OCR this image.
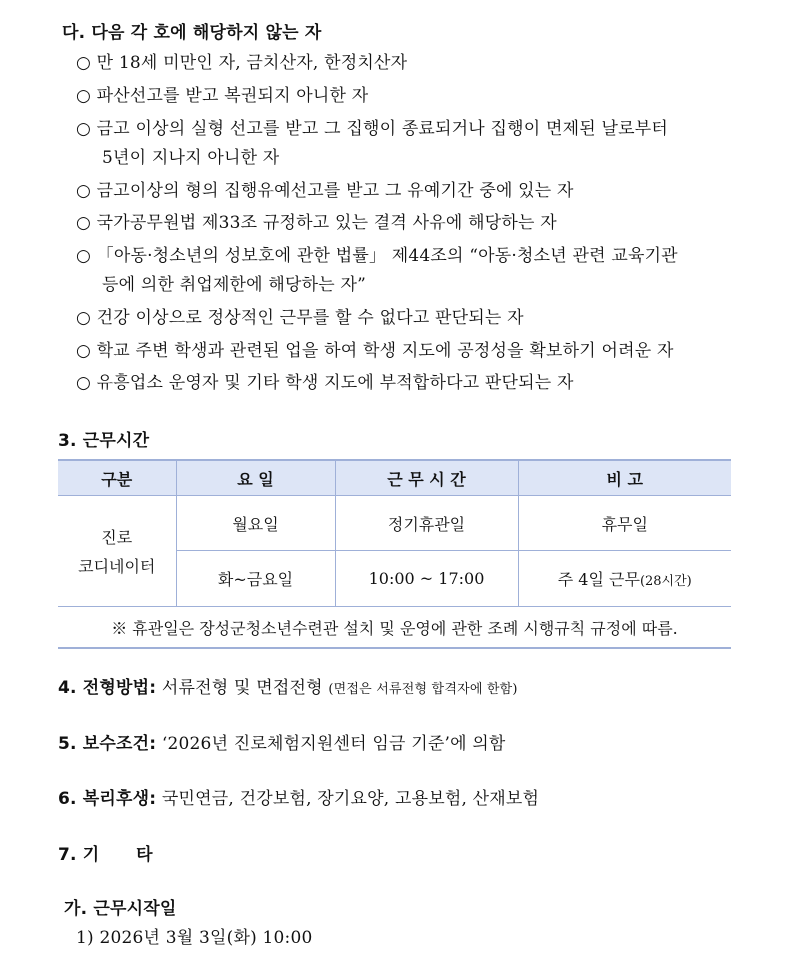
다. 다음 각 호에 해당하지 않는 자
○ 만 18세 미만인 자, 금치산자, 한정치산자
○ 파산선고를 받고 복권되지 아니한 자
○ 금고 이상의 실형 선고를 받고 그 집행이 종료되거나 집행이 면제된 날로부터
5년이 지나지 아니한 자
○ 금고이상의 형의 집행유예선고를 받고 그 유예기간 중에 있는 자
○ 국가공무원법 제33조 규정하고 있는 결격 사유에 해당하는 자
○ 「아동·청소년의 성보호에 관한 법률」 제44조의 “아동·청소년 관련 교육기관
등에 의한 취업제한에 해당하는 자”
○ 건강 이상으로 정상적인 근무를 할 수 없다고 판단되는 자
○ 학교 주변 학생과 관련된 업을 하여 학생 지도에 공정성을 확보하기 어려운 자
○ 유흥업소 운영자 및 기타 학생 지도에 부적합하다고 판단되는 자
3. 근무시간
구분	요 일	근 무 시 간	비 고

진로
코디네이터	월요일	정기휴관일	휴무일
	화~금요일	10:00 ~ 17:00	주 4일 근무(28시간)
※ 휴관일은 장성군청소년수련관 설치 및 운영에 관한 조례 시행규칙 규정에 따름.			
4. 전형방법: 서류전형 및 면접전형 (면접은 서류전형 합격자에 한함)
5. 보수조건: ‘2026년 진로체험지원센터 임금 기준’에 의함
6. 복리후생: 국민연금, 건강보험, 장기요양, 고용보험, 산재보험
7. 기      타
가. 근무시작일
1) 2026년 3월 3일(화) 10:00
